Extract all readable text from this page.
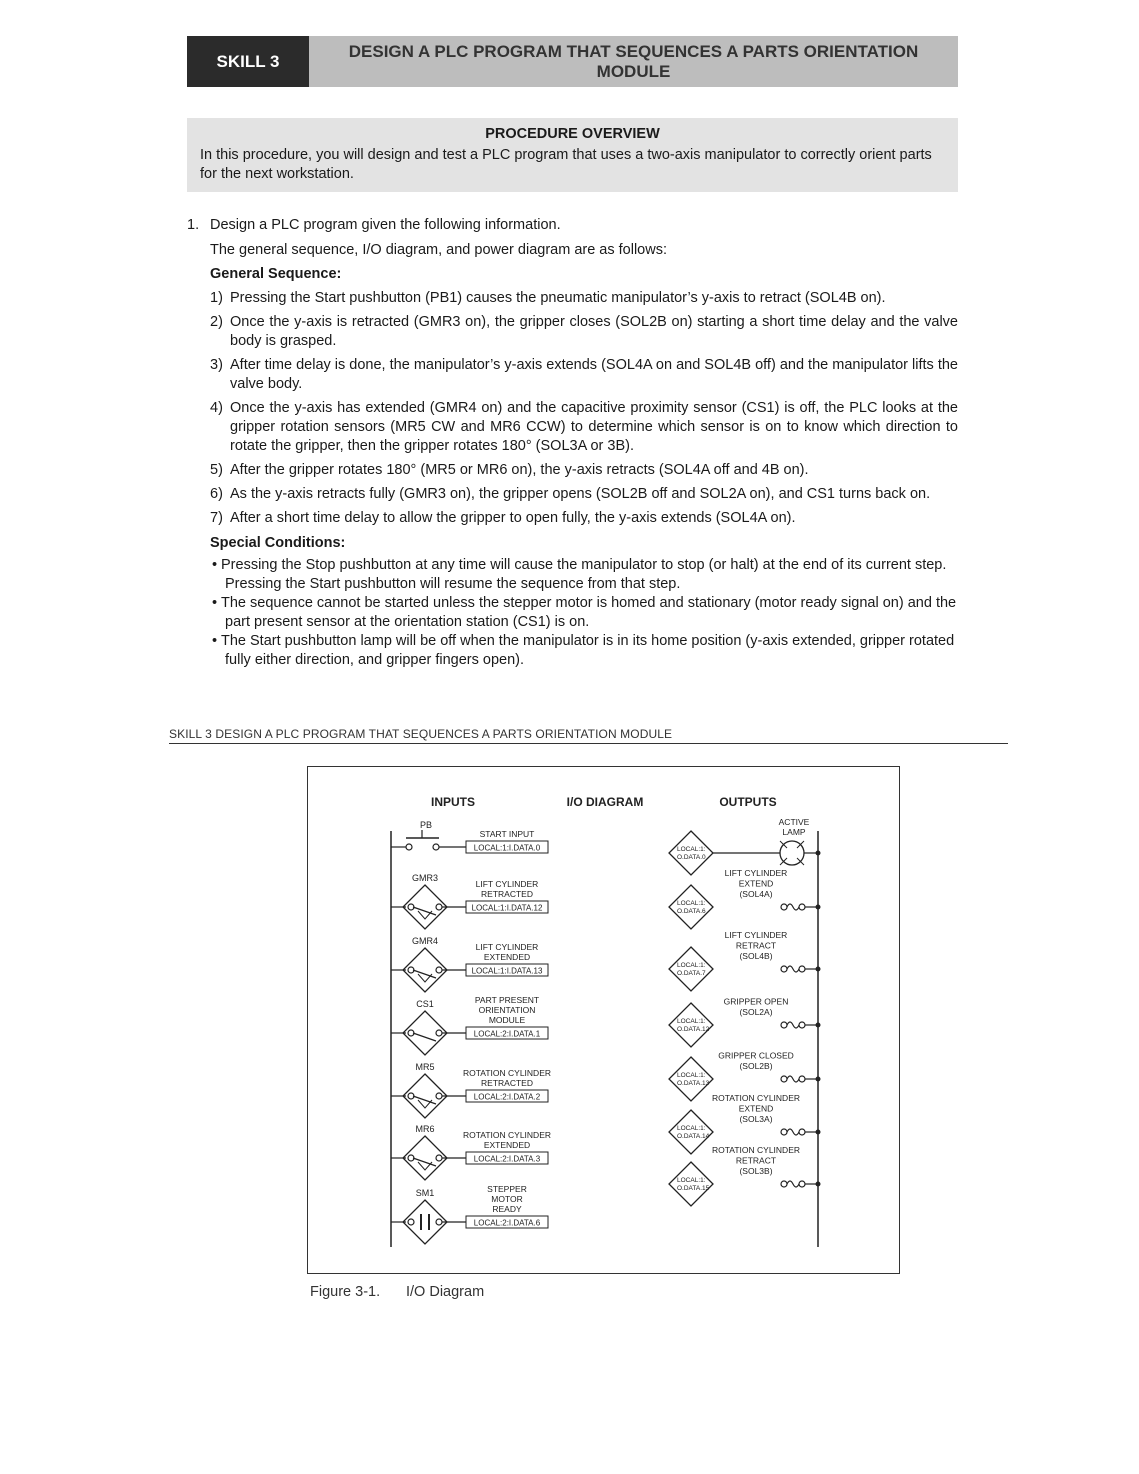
SKILL 3
DESIGN A PLC PROGRAM THAT SEQUENCES A PARTS ORIENTATION MODULE
PROCEDURE OVERVIEW

In this procedure, you will design and test a PLC program that uses a two-axis manipulator to correctly orient parts for the next workstation.

1. Design a PLC program given the following information.
The general sequence, I/O diagram, and power diagram are as follows:
General Sequence:
1) Pressing the Start pushbutton (PB1) causes the pneumatic manipulator’s y-axis to retract (SOL4B on).
2) Once the y-axis is retracted (GMR3 on), the gripper closes (SOL2B on) starting a short time delay and the valve body is grasped.
3) After time delay is done, the manipulator’s y-axis extends (SOL4A on and SOL4B off) and the manipulator lifts the valve body.
4) Once the y-axis has extended (GMR4 on) and the capacitive proximity sensor (CS1) is off, the PLC looks at the gripper rotation sensors (MR5 CW and MR6 CCW) to determine which sensor is on to know which direction to rotate the gripper, then the gripper rotates 180° (SOL3A or 3B).
5) After the gripper rotates 180° (MR5 or MR6 on), the y-axis retracts (SOL4A off and 4B on).
6) As the y-axis retracts fully (GMR3 on), the gripper opens (SOL2B off and SOL2A on), and CS1 turns back on.
7) After a short time delay to allow the gripper to open fully, the y-axis extends (SOL4A on).
Special Conditions:
• Pressing the Stop pushbutton at any time will cause the manipulator to stop (or halt) at the end of its current step.
Pressing the Start pushbutton will resume the sequence from that step.
• The sequence cannot be started unless the stepper motor is homed and stationary (motor ready signal on) and the
part present sensor at the orientation station (CS1) is on.
• The Start pushbutton lamp will be off when the manipulator is in its home position (y-axis extended, gripper rotated
fully either direction, and gripper fingers open).
SKILL 3 DESIGN A PLC PROGRAM THAT SEQUENCES A PARTS ORIENTATION MODULE
INPUTS	I/O DIAGRAM	OUTPUTS
PB
LOCAL:1:I.DATA.0
START INPUT
GMR3
LOCAL:1:I.DATA.12
LIFT CYLINDER
RETRACTED
GMR4
LOCAL:1:I.DATA.13
LIFT CYLINDER
EXTENDED
CS1
LOCAL:2:I.DATA.1
PART PRESENT
ORIENTATION
MODULE
MR5
LOCAL:2:I.DATA.2
ROTATION CYLINDER
RETRACTED
MR6
LOCAL:2:I.DATA.3
ROTATION CYLINDER
EXTENDED
SM1
LOCAL:2:I.DATA.6
STEPPER
MOTOR
READY
LOCAL:1:
O.DATA.0
ACTIVE
LAMP
LOCAL:1:
O.DATA.6
LIFT CYLINDER
EXTEND
(SOL4A)
LOCAL:1:
O.DATA.7
LIFT CYLINDER
RETRACT
(SOL4B)
LOCAL:1:
O.DATA.12
GRIPPER OPEN
(SOL2A)
LOCAL:1:
O.DATA.13
GRIPPER CLOSED
(SOL2B)
LOCAL:1:
O.DATA.14
ROTATION CYLINDER
EXTEND
(SOL3A)
LOCAL:1:
O.DATA.15
ROTATION CYLINDER
RETRACT
(SOL3B)
Figure 3-1. I/O Diagram
